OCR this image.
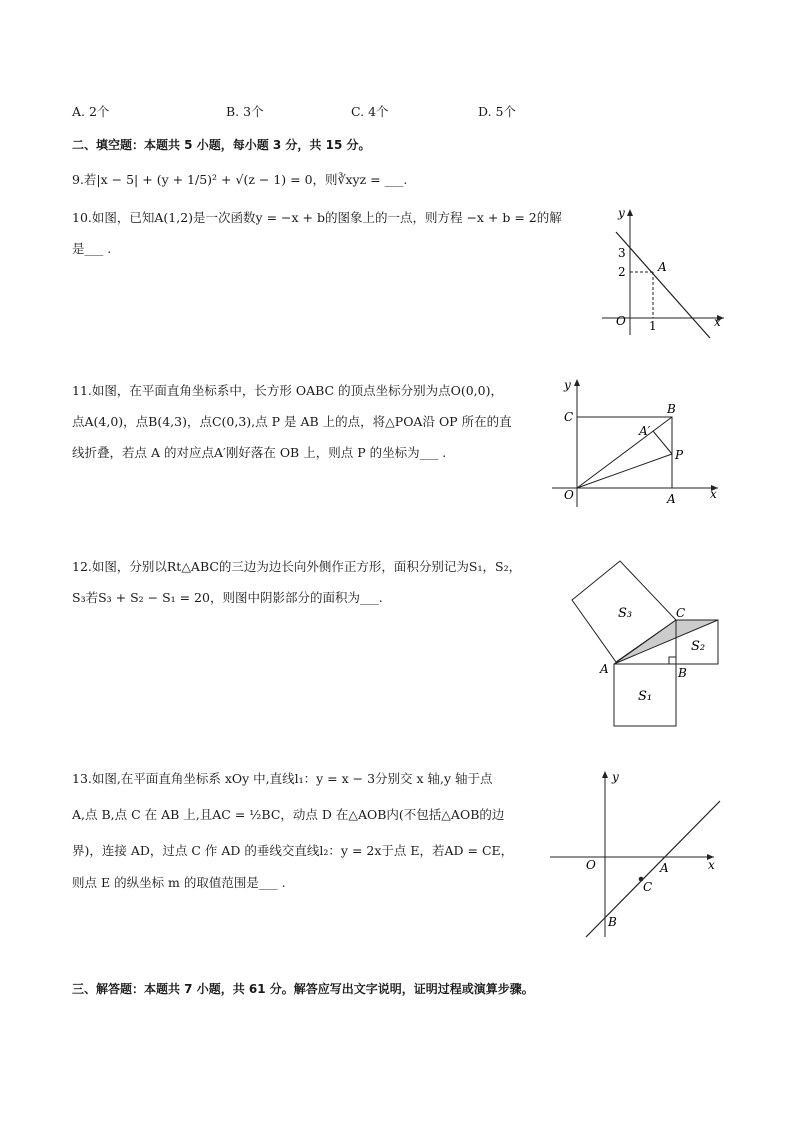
A. 2个	B. 3个	C. 4个	D. 5个
二、填空题：本题共 5 小题，每小题 3 分，共 15 分。
9.若|x − 5| + (y + 1/5)² + √(z − 1) = 0，则∛xyz = ___.
10.如图，已知A(1,2)是一次函数y = −x + b的图象上的一点，则方程 −x + b = 2的解
是___ .
y
x
O
3
2
1
A
11.如图，在平面直角坐标系中，长方形 OABC 的顶点坐标分别为点O(0,0)，
点A(4,0)，点B(4,3)，点C(0,3),点 P 是 AB 上的点，将△POA沿 OP 所在的直
线折叠，若点 A 的对应点A′刚好落在 OB 上，则点 P 的坐标为___ .
y
x
O	A
B
C
P
A′
12.如图，分别以Rt△ABC的三边为边长向外侧作正方形，面积分别记为S₁，S₂，
S₃若S₃ + S₂ − S₁ = 20，则图中阴影部分的面积为___.
S₃
S₂
S₁
A	B
C
13.如图,在平面直角坐标系 xOy 中,直线l₁：y = x − 3分别交 x 轴,y 轴于点
A,点 B,点 C 在 AB 上,且AC = ½BC，动点 D 在△AOB内(不包括△AOB的边
界)，连接 AD，过点 C 作 AD 的垂线交直线l₂：y = 2x于点 E，若AD = CE，
则点 E 的纵坐标 m 的取值范围是___ .
y
x
O	A
C
B
三、解答题：本题共 7 小题，共 61 分。解答应写出文字说明，证明过程或演算步骤。
